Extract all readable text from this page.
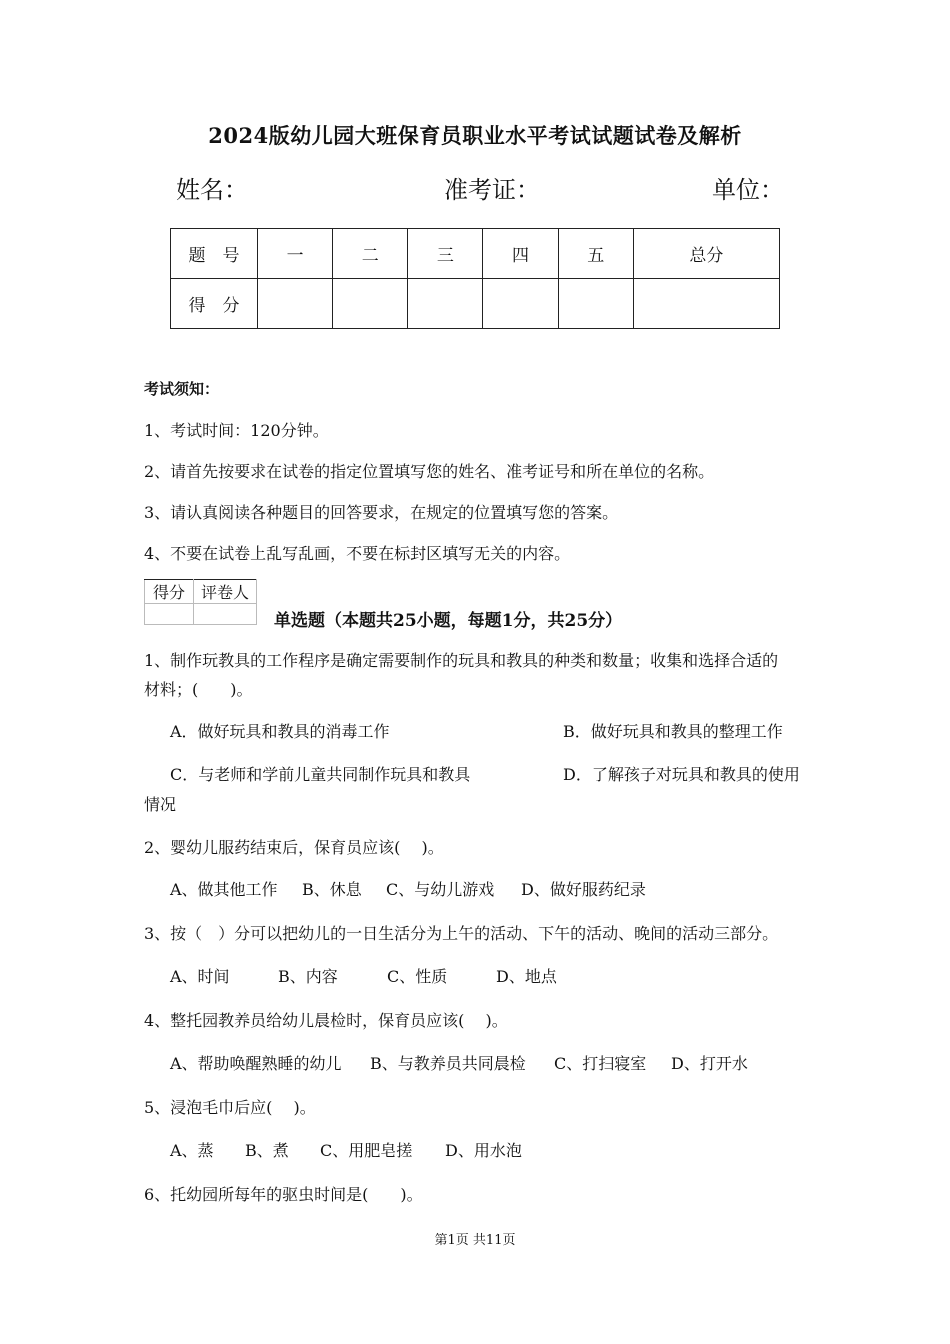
2024版幼儿园大班保育员职业水平考试试题试卷及解析
姓名：	准考证：	单位：
题　号	一	二	三	四	五	总分
得　分						
考试须知：
1、考试时间：120分钟。
2、请首先按要求在试卷的指定位置填写您的姓名、准考证号和所在单位的名称。
3、请认真阅读各种题目的回答要求，在规定的位置填写您的答案。
4、不要在试卷上乱写乱画，不要在标封区填写无关的内容。
得分	评卷人

单选题（本题共25小题，每题1分，共25分）
1、制作玩教具的工作程序是确定需要制作的玩具和教具的种类和数量；收集和选择合适的
材料；(　　)。
A．做好玩具和教具的消毒工作	B．做好玩具和教具的整理工作
C．与老师和学前儿童共同制作玩具和教具	D．了解孩子对玩具和教具的使用
情况
2、婴幼儿服药结束后，保育员应该(　 )。
A、做其他工作 B、休息 C、与幼儿游戏 D、做好服药纪录
3、按（　）分可以把幼儿的一日生活分为上午的活动、下午的活动、晚间的活动三部分。
A、时间	B、内容	C、性质	D、地点
4、整托园教养员给幼儿晨检时，保育员应该(　 )。
A、帮助唤醒熟睡的幼儿 B、与教养员共同晨检 C、打扫寝室 D、打开水
5、浸泡毛巾后应(　 )。
A、蒸 B、煮 C、用肥皂搓 D、用水泡
6、托幼园所每年的驱虫时间是(　　)。
第1页 共11页
